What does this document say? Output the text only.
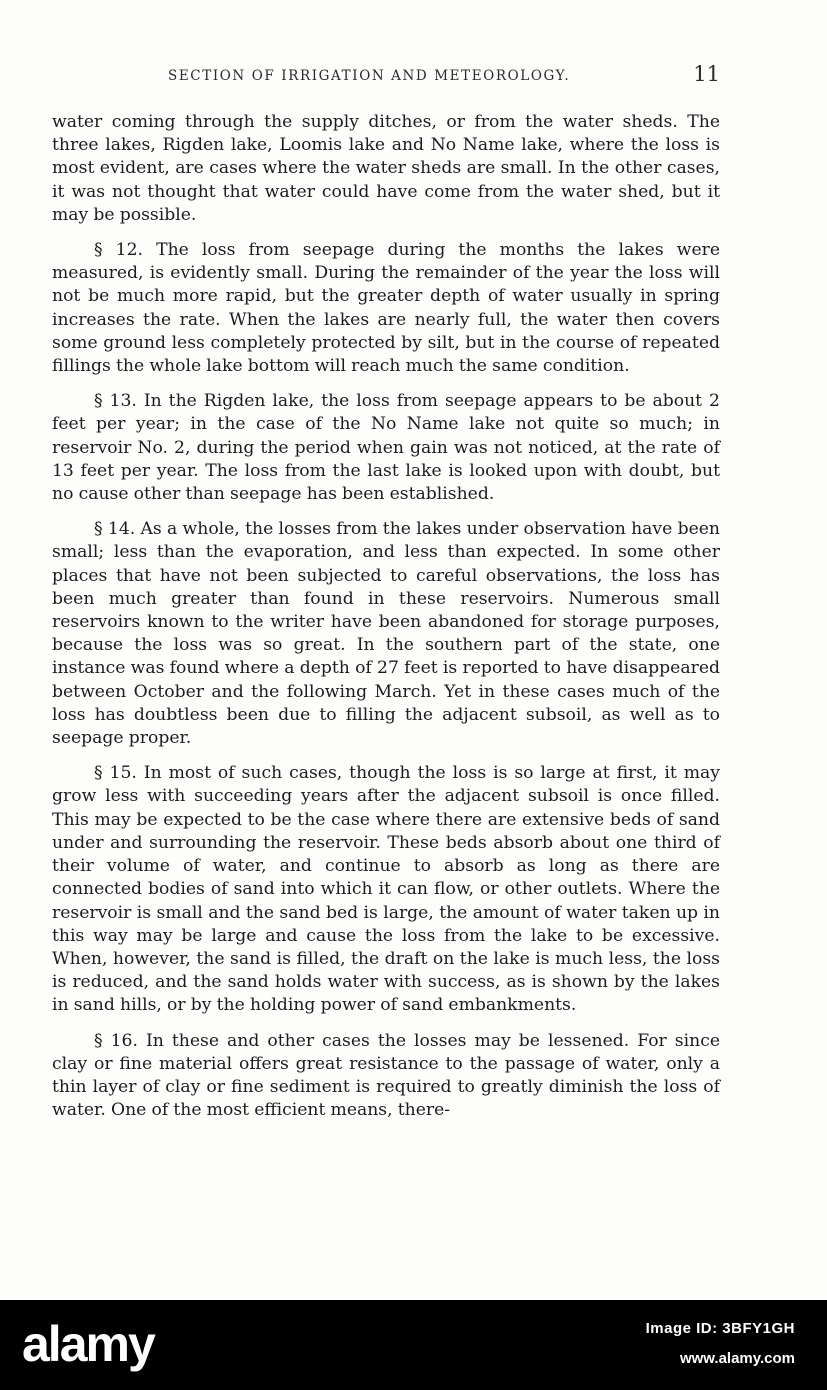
SECTION OF IRRIGATION AND METEOROLOGY.	11

water coming through the supply ditches, or from the water sheds. The three lakes, Rigden lake, Loomis lake and No Name lake, where the loss is most evident, are cases where the water sheds are small. In the other cases, it was not thought that water could have come from the water shed, but it may be possible.

§ 12. The loss from seepage during the months the lakes were measured, is evidently small. During the remainder of the year the loss will not be much more rapid, but the greater depth of water usually in spring increases the rate. When the lakes are nearly full, the water then covers some ground less completely protected by silt, but in the course of repeated fillings the whole lake bottom will reach much the same condition.

§ 13. In the Rigden lake, the loss from seepage appears to be about 2 feet per year; in the case of the No Name lake not quite so much; in reservoir No. 2, during the period when gain was not noticed, at the rate of 13 feet per year. The loss from the last lake is looked upon with doubt, but no cause other than seepage has been established.

§ 14. As a whole, the losses from the lakes under observation have been small; less than the evaporation, and less than expected. In some other places that have not been subjected to careful observations, the loss has been much greater than found in these reservoirs. Numerous small reservoirs known to the writer have been abandoned for storage purposes, because the loss was so great. In the southern part of the state, one instance was found where a depth of 27 feet is reported to have disappeared between October and the following March. Yet in these cases much of the loss has doubtless been due to filling the adjacent subsoil, as well as to seepage proper.

§ 15. In most of such cases, though the loss is so large at first, it may grow less with succeeding years after the adjacent subsoil is once filled. This may be expected to be the case where there are extensive beds of sand under and surrounding the reservoir. These beds absorb about one third of their volume of water, and continue to absorb as long as there are connected bodies of sand into which it can flow, or other outlets. Where the reservoir is small and the sand bed is large, the amount of water taken up in this way may be large and cause the loss from the lake to be excessive. When, however, the sand is filled, the draft on the lake is much less, the loss is reduced, and the sand holds water with success, as is shown by the lakes in sand hills, or by the holding power of sand embankments.

§ 16. In these and other cases the losses may be lessened. For since clay or fine material offers great resistance to the passage of water, only a thin layer of clay or fine sediment is required to greatly diminish the loss of water. One of the most efficient means, there-

alamy	Image ID: 3BFY1GH
www.alamy.com
